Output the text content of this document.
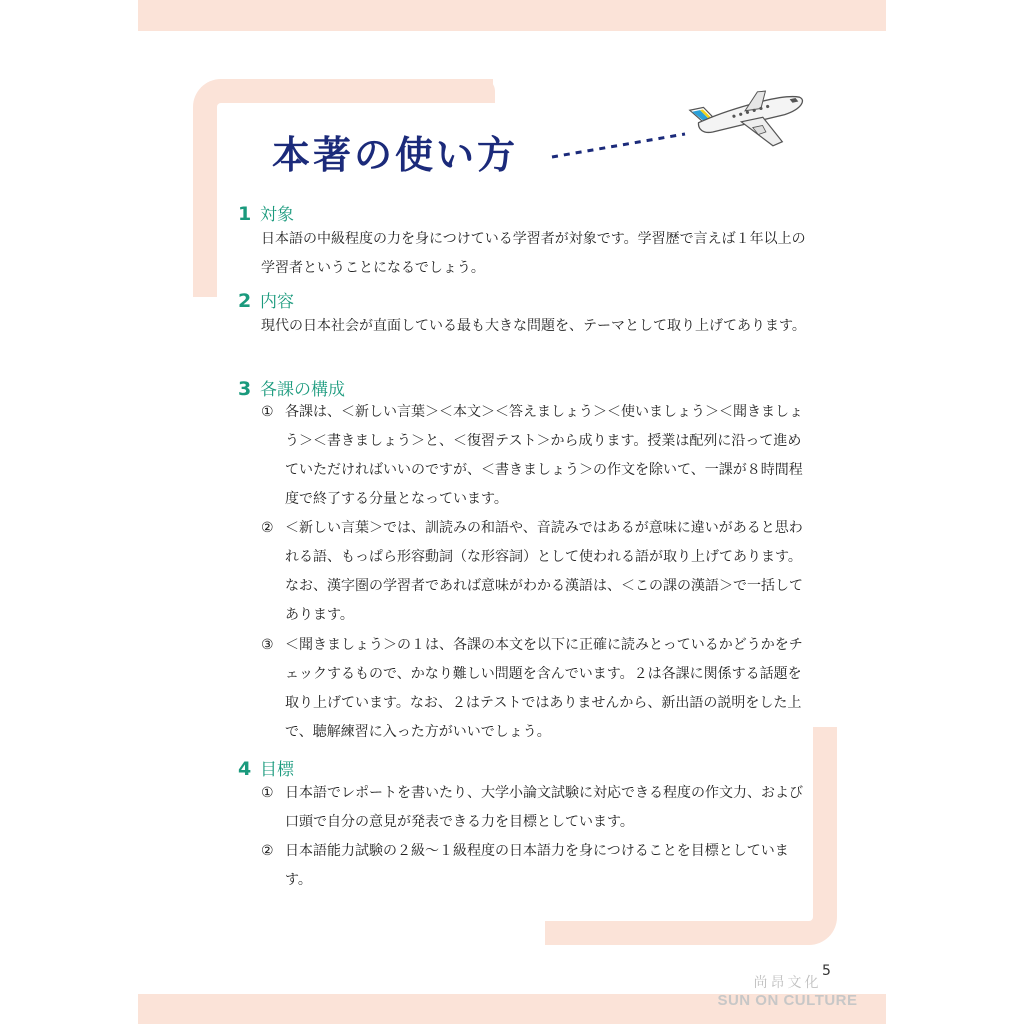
本著の使い方
1 対象

日本語の中級程度の力を身につけている学習者が対象です。学習歴で言えば１年以上の学習者ということになるでしょう。

2 内容

現代の日本社会が直面している最も大きな問題を、テーマとして取り上げてあります。

3 各課の構成
① 各課は、＜新しい言葉＞＜本文＞＜答えましょう＞＜使いましょう＞＜聞きましょう＞＜書きましょう＞と、＜復習テスト＞から成ります。授業は配列に沿って進めていただければいいのですが、＜書きましょう＞の作文を除いて、一課が８時間程度で終了する分量となっています。
② ＜新しい言葉＞では、訓読みの和語や、音読みではあるが意味に違いがあると思われる語、もっぱら形容動詞（な形容詞）として使われる語が取り上げてあります。なお、漢字圏の学習者であれば意味がわかる漢語は、＜この課の漢語＞で一括してあります。
③ ＜聞きましょう＞の１は、各課の本文を以下に正確に読みとっているかどうかをチェックするもので、かなり難しい問題を含んでいます。２は各課に関係する話題を取り上げています。なお、２はテストではありませんから、新出語の説明をした上で、聴解練習に入った方がいいでしょう。
4 目標
① 日本語でレポートを書いたり、大学小論文試験に対応できる程度の作文力、および口頭で自分の意見が発表できる力を目標としています。
② 日本語能力試験の２級〜１級程度の日本語力を身につけることを目標としています。
5
尚昂文化
SUN ON CULTURE
